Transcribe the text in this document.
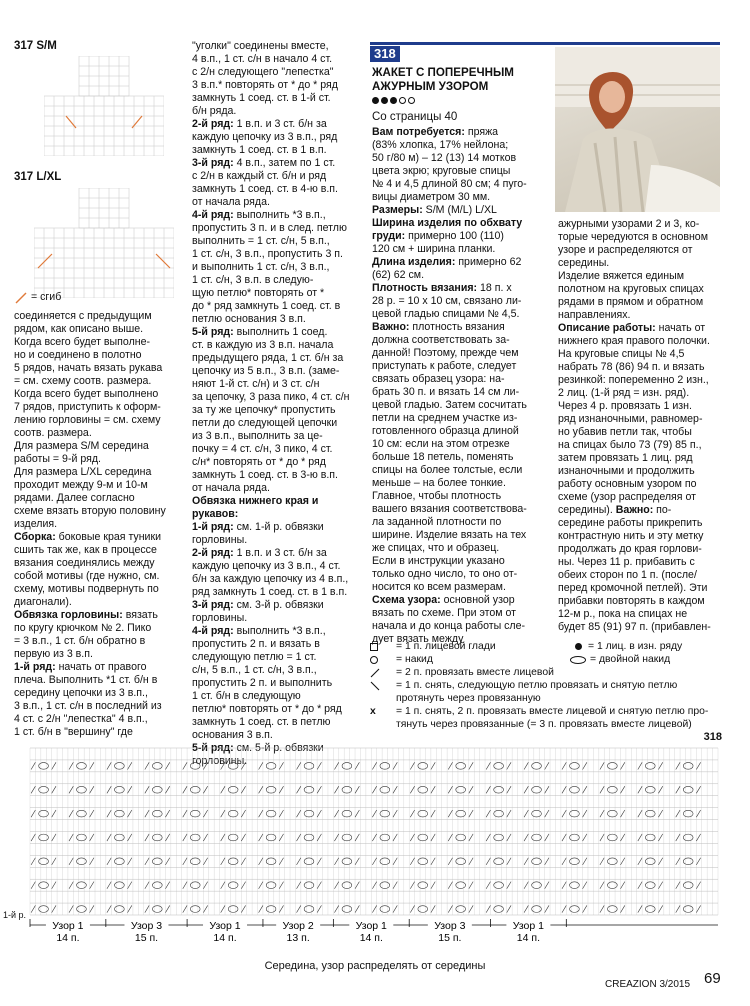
317 S/M
317 L/XL
= сгиб

соединяется с предыдущим

рядом, как описано выше.

Когда всего будет выполне-

но и соединено в полотно

5 рядов, начать вязать рукава

= см. схему соотв. размера.

Когда всего будет выполнено

7 рядов, приступить к оформ-

лению горловины = см. схему

соотв. размера.

Для размера S/M середина

работы = 9-й ряд.

Для размера L/XL середина

проходит между 9-м и 10-м

рядами. Далее согласно

схеме вязать вторую половину

изделия.

Сборка: боковые края туники

сшить так же, как в процессе

вязания соединялись между

собой мотивы (где нужно, см.

схему, мотивы подвернуть по

диагонали).

Обвязка горловины: вязать

по кругу крючком № 2. Пико

= 3 в.п., 1 ст. б/н обратно в

первую из 3 в.п.

1-й ряд: начать от правого

плеча. Выполнить *1 ст. б/н в

середину цепочки из 3 в.п.,

3 в.п., 1 ст. с/н в последний из

4 ст. с 2/н "лепестка" 4 в.п.,

1 ст. б/н в "вершину" где

"уголки" соединены вместе,

4 в.п., 1 ст. с/н в начало 4 ст.

с 2/н следующего "лепестка"

3 в.п.* повторять от * до * ряд

замкнуть 1 соед. ст. в 1-й ст.

б/н ряда.

2-й ряд: 1 в.п. и 3 ст. б/н за

каждую цепочку из 3 в.п., ряд

замкнуть 1 соед. ст. в 1 в.п.

3-й ряд: 4 в.п., затем по 1 ст.

с 2/н в каждый ст. б/н и ряд

замкнуть 1 соед. ст. в 4-ю в.п.

от начала ряда.

4-й ряд: выполнить *3 в.п.,

пропустить 3 п. и в след. петлю

выполнить = 1 ст. с/н, 5 в.п.,

1 ст. с/н, 3 в.п., пропустить 3 п.

и выполнить 1 ст. с/н, 3 в.п.,

1 ст. с/н, 3 в.п. в следую-

щую петлю* повторять от *

до * ряд замкнуть 1 соед. ст. в

петлю основания 3 в.п.

5-й ряд: выполнить 1 соед.

ст. в каждую из 3 в.п. начала

предыдущего ряда, 1 ст. б/н за

цепочку из 5 в.п., 3 в.п. (заме-

няют 1-й ст. с/н) и 3 ст. с/н

за цепочку, 3 раза пико, 4 ст. с/н

за ту же цепочку* пропустить

петли до следующей цепочки

из 3 в.п., выполнить за це-

почку = 4 ст. с/н, 3 пико, 4 ст.

с/н* повторять от * до * ряд

замкнуть 1 соед. ст. в 3-ю в.п.

от начала ряда.

Обвязка нижнего края и рукавов:

1-й ряд: см. 1-й р. обвязки

горловины.

2-й ряд: 1 в.п. и 3 ст. б/н за

каждую цепочку из 3 в.п., 4 ст.

б/н за каждую цепочку из 4 в.п.,

ряд замкнуть 1 соед. ст. в 1 в.п.

3-й ряд: см. 3-й р. обвязки

горловины.

4-й ряд: выполнить *3 в.п.,

пропустить 2 п. и вязать в

следующую петлю = 1 ст.

с/н, 5 в.п., 1 ст. с/н, 3 в.п.,

пропустить 2 п. и выполнить

1 ст. б/н в следующую

петлю* повторять от * до * ряд

замкнуть 1 соед. ст. в петлю

основания 3 в.п.

5-й ряд: см. 5-й р. обвязки

горловины.

318

ЖАКЕТ С ПОПЕРЕЧНЫМ

АЖУРНЫМ УЗОРОМ

Со страницы 40

Вам потребуется: пряжа

(83% хлопка, 17% нейлона;

50 г/80 м) – 12 (13) 14 мотков

цвета экрю; круговые спицы

№ 4 и 4,5 длиной 80 см; 4 пуго-

вицы диаметром 30 мм.

Размеры: S/M (M/L) L/XL

Ширина изделия по обхвату

груди: примерно 100 (110)

120 см + ширина планки.

Длина изделия: примерно 62

(62) 62 см.

Плотность вязания: 18 п. х

28 р. = 10 x 10 см, связано ли-

цевой гладью спицами № 4,5.

Важно: плотность вязания

должна соответствовать за-

данной! Поэтому, прежде чем

приступать к работе, следует

связать образец узора: на-

брать 30 п. и вязать 14 см ли-

цевой гладью. Затем сосчитать

петли на среднем участке из-

готовленного образца длиной

10 см: если на этом отрезке

больше 18 петель, поменять

спицы на более толстые, если

меньше – на более тонкие.

Главное, чтобы плотность

вашего вязания соответствова-

ла заданной плотности по

ширине. Изделие вязать на тех

же спицах, что и образец.

Если в инструкции указано

только одно число, то оно от-

носится ко всем размерам.

Схема узора: основной узор

вязать по схеме. При этом от

начала и до конца работы сле-

дует вязать между

ажурными узорами 2 и 3, ко-

торые чередуются в основном

узоре и распределяются от

середины.

Изделие вяжется единым

полотном на круговых спицах

рядами в прямом и обратном

направлениях.

Описание работы: начать от

нижнего края правого полочки.

На круговые спицы № 4,5

набрать 78 (86) 94 п. и вязать

резинкой: попеременно 2 изн.,

2 лиц. (1-й ряд = изн. ряд).

Через 4 р. провязать 1 изн.

ряд изнаночными, равномер-

но убавив петли так, чтобы

на спицах было 73 (79) 85 п.,

затем провязать 1 лиц. ряд

изнаночными и продолжить

работу основным узором по

схеме (узор распределяя от

середины). Важно: по-

середине работы прикрепить

контрастную нить и эту метку

продолжать до края горлови-

ны. Через 11 р. прибавить с

обеих сторон по 1 п. (после/

перед кромочной петлей). Эти

прибавки повторять в каждом

12-м р., пока на спицах не

будет 85 (91) 97 п. (прибавлен-

= 1 п. лицевой глади
= накид
= 2 п. провязать вместе лицевой

= 1 п. снять, следующую петлю провязать и снятую петлю

протянуть через провязанную

x	= 1 п. снять, 2 п. провязать вместе лицевой и снятую петлю про-

тянуть через провязанные (= 3 п. провязать вместе лицевой)

= 1 лиц. в изн. ряду
= двойной накид
318
1-й р.
Узор 1
14 п.
Узор 3
15 п.
Узор 1
14 п.
Узор 2
13 п.
Узор 1
14 п.
Узор 3
15 п.
Узор 1
14 п.
Середина, узор распределять от середины
CREAZION 3/2015 69
